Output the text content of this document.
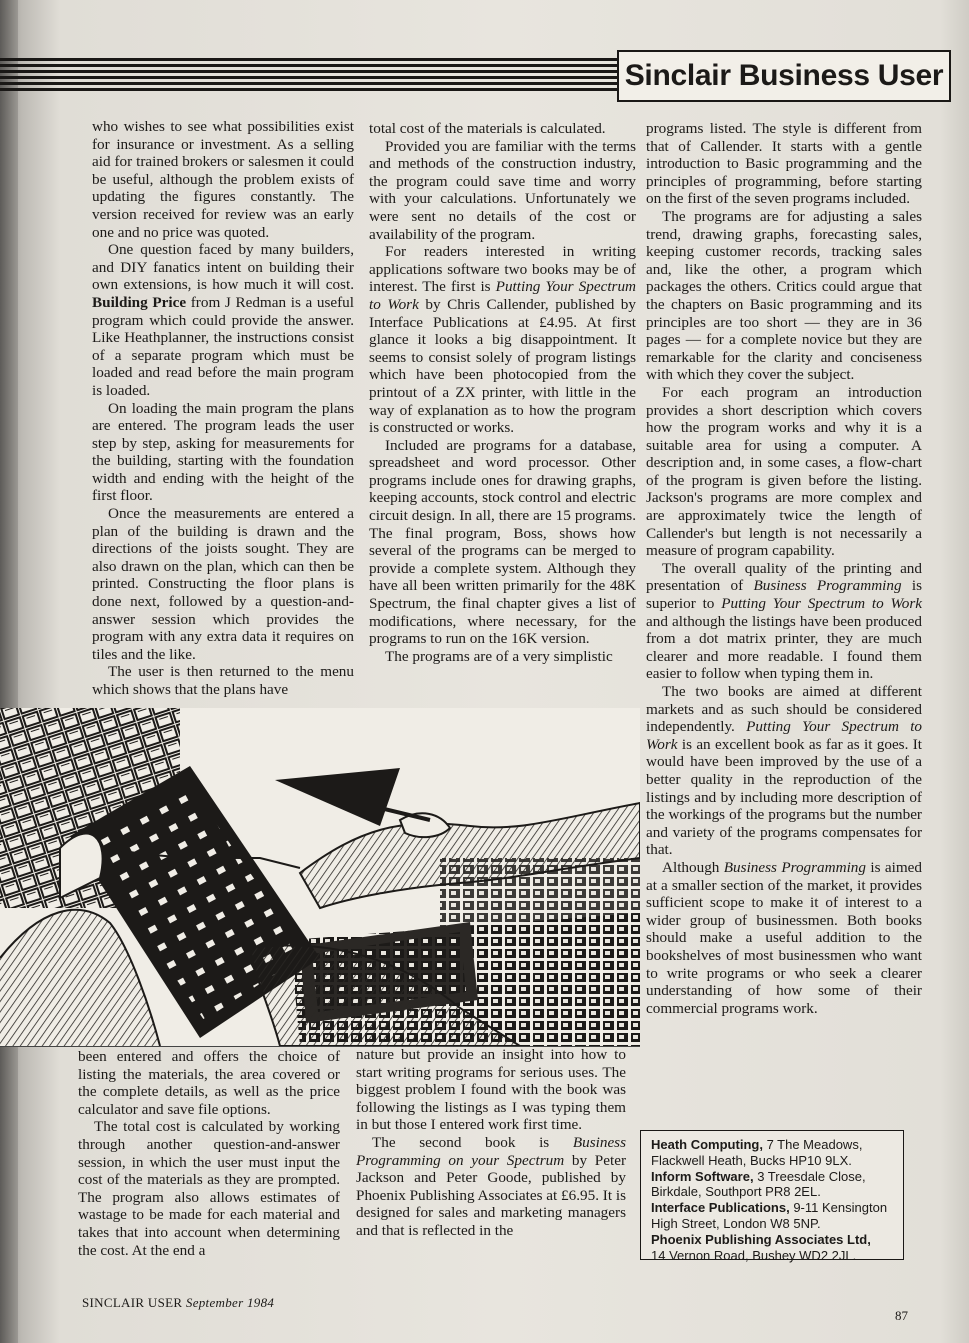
Sinclair Business User

who wishes to see what possibilities exist for insurance or investment. As a selling aid for trained brokers or salesmen it could be useful, although the problem exists of updating the figures constantly. The version received for review was an early one and no price was quoted.

One question faced by many builders, and DIY fanatics intent on building their own extensions, is how much it will cost. Building Price from J Redman is a useful program which could provide the answer. Like Heathplanner, the instructions consist of a separate program which must be loaded and read before the main program is loaded.

On loading the main program the plans are entered. The program leads the user step by step, asking for measurements for the building, starting with the foundation width and ending with the height of the first floor.

Once the measurements are entered a plan of the building is drawn and the directions of the joists sought. They are also drawn on the plan, which can then be printed. Constructing the floor plans is done next, followed by a question-and-answer session which provides the program with any extra data it requires on tiles and the like.

The user is then returned to the menu which shows that the plans have

total cost of the materials is calculated.

Provided you are familiar with the terms and methods of the construction industry, the program could save time and worry with your calculations. Unfortunately we were sent no details of the cost or availability of the program.

For readers interested in writing applications software two books may be of interest. The first is Putting Your Spectrum to Work by Chris Callender, published by Interface Publications at £4.95. At first glance it looks a big disappointment. It seems to consist solely of program listings which have been photocopied from the printout of a ZX printer, with little in the way of explanation as to how the program is constructed or works.

Included are programs for a database, spreadsheet and word processor. Other programs include ones for drawing graphs, keeping accounts, stock control and electric circuit design. In all, there are 15 programs. The final program, Boss, shows how several of the programs can be merged to provide a complete system. Although they have all been written primarily for the 48K Spectrum, the final chapter gives a list of modifications, where necessary, for the programs to run on the 16K version.

The programs are of a very simplistic

programs listed. The style is different from that of Callender. It starts with a gentle introduction to Basic programming and the principles of programming, before starting on the first of the seven programs included.

The programs are for adjusting a sales trend, drawing graphs, forecasting sales, keeping customer records, tracking sales and, like the other, a program which packages the others. Critics could argue that the chapters on Basic programming and its principles are too short — they are in 36 pages — for a complete novice but they are remarkable for the clarity and conciseness with which they cover the subject.

For each program an introduction provides a short description which covers how the program works and why it is a suitable area for using a computer. A description and, in some cases, a flow-chart of the program is given before the listing. Jackson's programs are more complex and are approximately twice the length of Callender's but length is not necessarily a measure of program capability.

The overall quality of the printing and presentation of Business Programming is superior to Putting Your Spectrum to Work and although the listings have been produced from a dot matrix printer, they are much clearer and more readable. I found them easier to follow when typing them in.

The two books are aimed at different markets and as such should be considered independently. Putting Your Spectrum to Work is an excellent book as far as it goes. It would have been improved by the use of a better quality in the reproduction of the listings and by including more description of the workings of the programs but the number and variety of the programs compensates for that.

Although Business Programming is aimed at a smaller section of the market, it provides sufficient scope to make it of interest to a wider group of businessmen. Both books should make a useful addition to the bookshelves of most businessmen who want to write programs or who seek a clearer understanding of how some of their commercial programs work.

been entered and offers the choice of listing the materials, the area covered or the complete details, as well as the price calculator and save file options.

The total cost is calculated by working through another question-and-answer session, in which the user must input the cost of the materials as they are prompted. The program also allows estimates of wastage to be made for each material and takes that into account when determining the cost. At the end a

nature but provide an insight into how to start writing programs for serious uses. The biggest problem I found with the book was following the listings as I was typing them in but those I entered work first time.

The second book is Business Programming on your Spectrum by Peter Jackson and Peter Goode, published by Phoenix Publishing Associates at £6.95. It is designed for sales and marketing managers and that is reflected in the

Heath Computing, 7 The Meadows,
Flackwell Heath, Bucks HP10 9LX.
Inform Software, 3 Treesdale Close,
Birkdale, Southport PR8 2EL.
Interface Publications, 9-11 Kensington
High Street, London W8 5NP.
Phoenix Publishing Associates Ltd,
14 Vernon Road, Bushey WD2 2JL.
SINCLAIR USER September 1984
87
